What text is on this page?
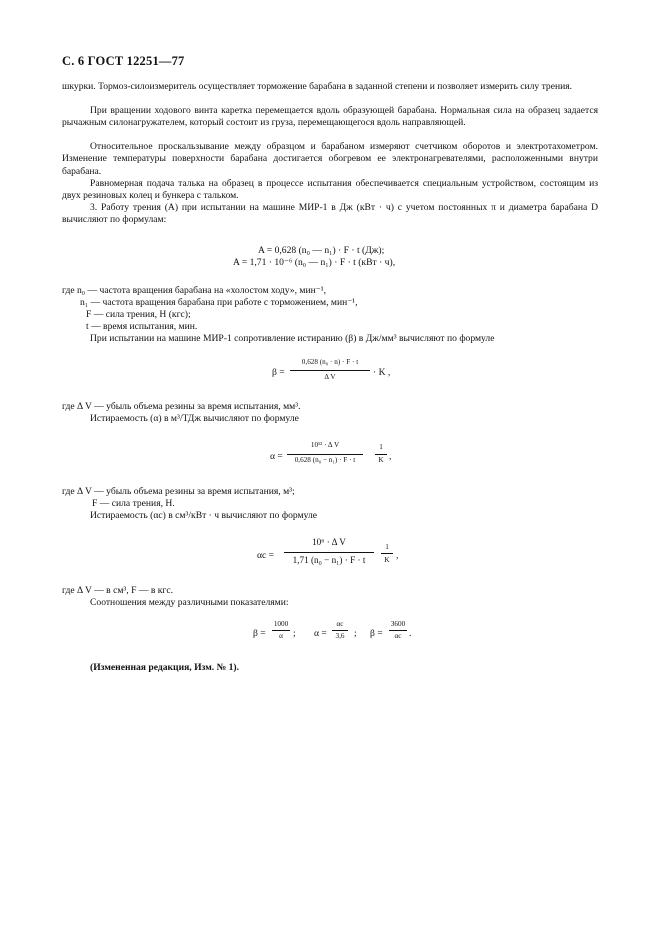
С. 6 ГОСТ 12251—77
шкурки. Тормоз-силоизмеритель осуществляет торможение барабана в заданной степени и позволяет измерить силу трения.
При вращении ходового винта каретка перемещается вдоль образующей барабана. Нормальная сила на образец задается рычажным силонагружателем, который состоит из груза, перемещающегося вдоль направляющей.
Относительное проскальзывание между образцом и барабаном измеряют счетчиком оборотов и электротахометром. Изменение температуры поверхности барабана достигается обогревом ее электронагревателями, расположенными внутри барабана.
Равномерная подача талька на образец в процессе испытания обеспечивается специальным устройством, состоящим из двух резиновых колец и бункера с тальком.
3. Работу трения (A) при испытании на машине МИР-1 в Дж (кВт · ч) с учетом постоянных π и диаметра барабана D вычисляют по формулам:
A = 0,628 (n₀ — n₁) · F · t (Дж);
A = 1,71 · 10⁻⁶ (n₀ — n₁) · F · t (кВт · ч),
где n₀ — частота вращения барабана на «холостом ходу», мин⁻¹,
n₁ — частота вращения барабана при работе с торможением, мин⁻¹,
F — сила трения, Н (кгс);
t — время испытания, мин.
При испытании на машине МИР-1 сопротивление истиранию (β) в Дж/мм³ вычисляют по формуле
β =
0,628 (n₀ · n) · F · t
Δ V	· K ,
где Δ V — убыль объема резины за время испытания, мм³.
Истираемость (α) в м³/ТДж вычисляют по формуле
α =
10¹² · Δ V
0,628 (n₀ − n₁) · F · t
1
K ,
где Δ V — убыль объема резины за время испытания, м³;
F — сила трения, Н.
Истираемость (αс) в см³/кВт · ч вычисляют по формуле
αс =
10⁶ · Δ V
1,71 (n₀ − n₁) · F · t
1
K ,
где Δ V — в см³, F — в кгс.
Соотношения между различными показателями:
β =
1000
α	; α =
αс
3,6 ; β =
3600
αс .
(Измененная редакция, Изм. № 1).
